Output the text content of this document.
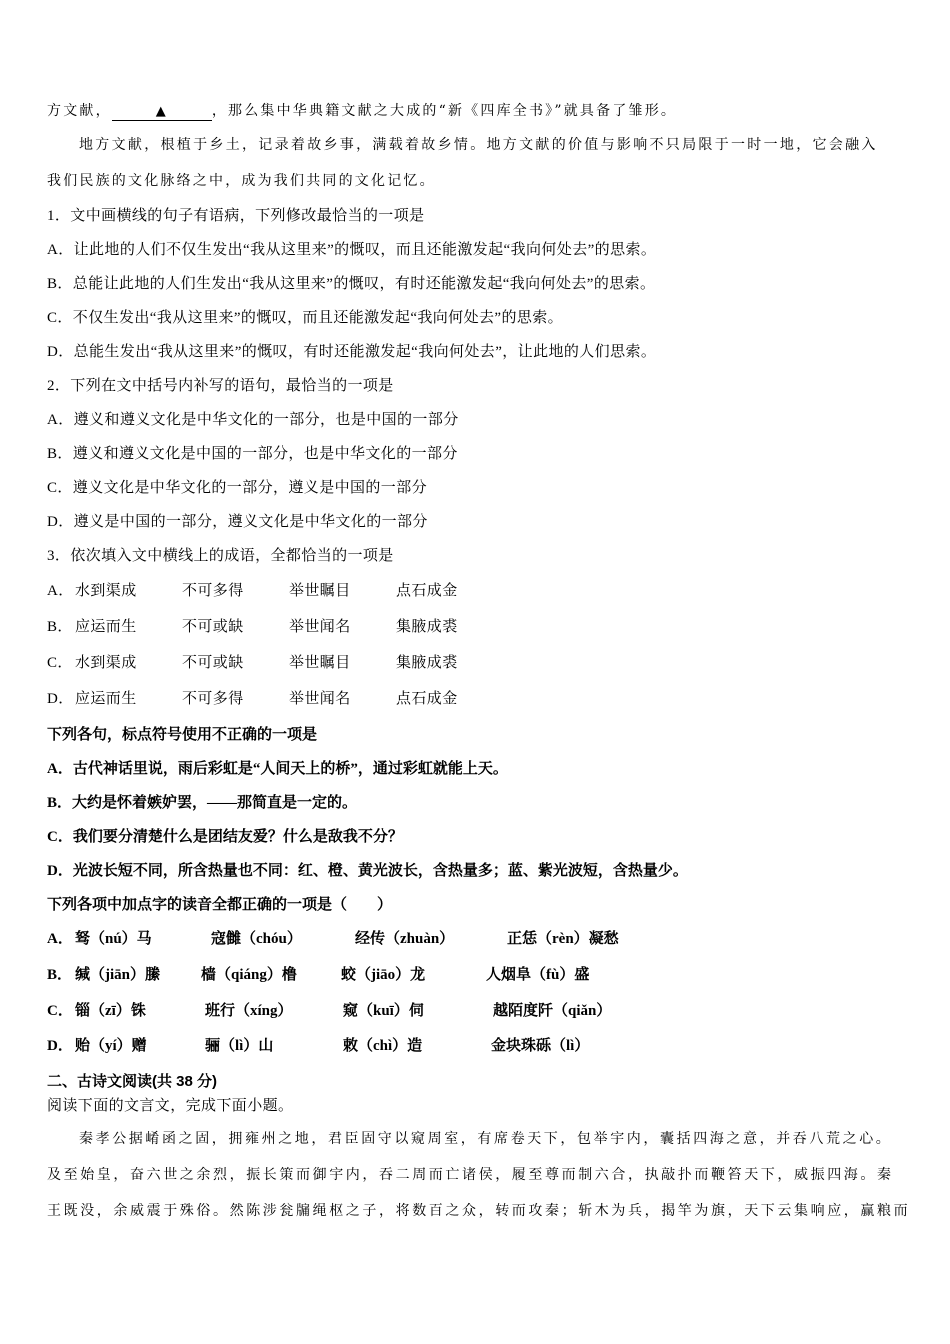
方文献，	▲	，那么集中华典籍文献之大成的“新《四库全书》”就具备了雏形。
地方文献，根植于乡土，记录着故乡事，满载着故乡情。地方文献的价值与影响不只局限于一时一地，它会融入
我们民族的文化脉络之中，成为我们共同的文化记忆。
1．文中画横线的句子有语病，下列修改最恰当的一项是
A．让此地的人们不仅生发出“我从这里来”的慨叹，而且还能激发起“我向何处去”的思索。
B．总能让此地的人们生发出“我从这里来”的慨叹，有时还能激发起“我向何处去”的思索。
C．不仅生发出“我从这里来”的慨叹，而且还能激发起“我向何处去”的思索。
D．总能生发出“我从这里来”的慨叹，有时还能激发起“我向何处去”，让此地的人们思索。
2．下列在文中括号内补写的语句，最恰当的一项是
A．遵义和遵义文化是中华文化的一部分，也是中国的一部分
B．遵义和遵义文化是中国的一部分，也是中华文化的一部分
C．遵义文化是中华文化的一部分，遵义是中国的一部分
D．遵义是中国的一部分，遵义文化是中华文化的一部分
3．依次填入文中横线上的成语，全都恰当的一项是
A．水到渠成	不可多得	举世瞩目	点石成金
B． 应运而生	不可或缺	举世闻名	集腋成裘
C． 水到渠成	不可或缺	举世瞩目	集腋成裘
D．应运而生	不可多得	举世闻名	点石成金
下列各句，标点符号使用不正确的一项是
A．古代神话里说，雨后彩虹是“人间天上的桥”，通过彩虹就能上天。
B．大约是怀着嫉妒罢，——那简直是一定的。
C．我们要分清楚什么是团结友爱？什么是敌我不分？
D．光波长短不同，所含热量也不同：红、橙、黄光波长，含热量多；蓝、紫光波短，含热量少。
下列各项中加点字的读音全都正确的一项是（　　）
A． 驽（nú）马	寇雠（chóu）	经传（zhuàn）	正恁（rèn）凝愁
B． 缄（jiān）縢	樯（qiáng）橹	蛟（jiāo）龙	人烟阜（fù）盛
C． 锱（zī）铢	班行（xíng）	窥（kuī）伺	越陌度阡（qiǎn）
D． 贻（yí）赠	骊（lì）山	敕（chì）造	金块珠砾（lì）
二、古诗文阅读(共 38 分)
阅读下面的文言文，完成下面小题。
秦孝公据崤函之固，拥雍州之地，君臣固守以窥周室，有席卷天下，包举宇内，囊括四海之意，并吞八荒之心。
及至始皇，奋六世之余烈，振长策而御宇内，吞二周而亡诸侯，履至尊而制六合，执敲扑而鞭笞天下，威振四海。秦
王既没，余威震于殊俗。然陈涉瓮牖绳枢之子，将数百之众，转而攻秦；斩木为兵，揭竿为旗，天下云集响应，赢粮而
